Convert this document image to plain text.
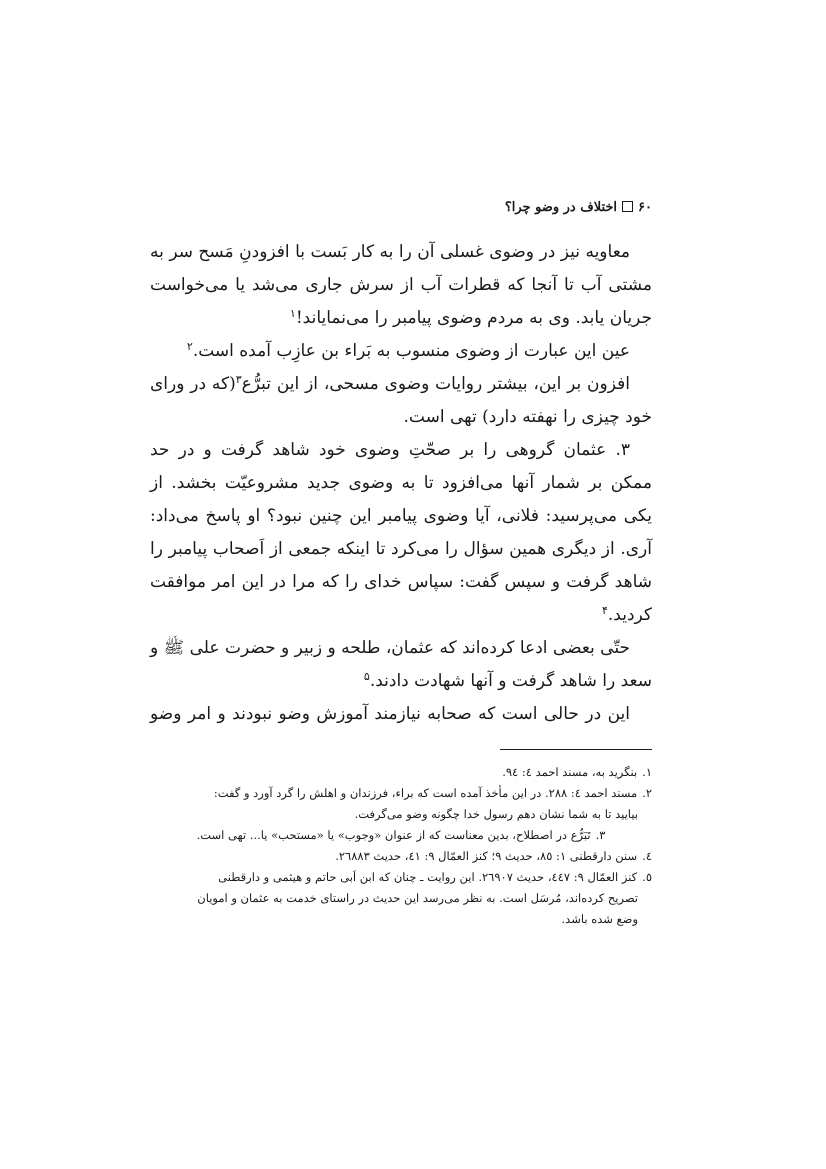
۶۰اختلاف در وضو چرا؟

معاویه نیز در وضوی غسلی آن را به کار بَست با افزودنِ مَسح سر به مشتی آب تا آنجا که قطرات آب از سرش جاری می‌شد یا می‌خواست جریان یابد. وی به مردم وضوی پیامبر را می‌نمایاند!$^۱$

عین این عبارت از وضوی منسوب به بَراء بن عازِب آمده است.$^۲$

افزون بر این، بیشتر روایات وضوی مسحی، از این تبرُّع$^۳$(که در ورای خود چیزی را نهفته دارد) تهی است.

۳. عثمان گروهی را بر صحّتِ وضوی خود شاهد گرفت و در حد ممکن بر شمار آنها می‌افزود تا به وضوی جدید مشروعیّت بخشد. از یکی می‌پرسید: فلانی، آیا وضوی پیامبر این چنین نبود؟ او پاسخ می‌داد: آری. از دیگری همین سؤال را می‌کرد تا اینکه جمعی از اَصحاب پیامبر را شاهد گرفت و سپس گفت: سپاس خدای را که مرا در این امر موافقت کردید.$^۴$

حتّی بعضی ادعا کرده‌اند که عثمان، طلحه و زبیر و حضرت علی ﷺ و سعد را شاهد گرفت و آنها شهادت دادند.$^۵$

این در حالی است که صحابه نیازمند آموزش وضو نبودند و امر وضو

۱.بنگرید به، مسند احمد ٤: ٩٤.

۲.مسند احمد ٤: ٢٨٨. در این مأخذ آمده است که براء، فرزندان و اهلش را گرد آورد و گفت:

بیایید تا به شما نشان دهم رسول خدا چگونه وضو می‌گرفت.

۳.تَبَرُّع در اصطلاح، بدین معناست که از عنوان «وجوب» یا «مستحب» یا... تهی است.

٤.سنن دارقطنی ۱: ٨٥، حدیث ٩؛ کنز العمّال ٩: ٤١، حدیث ٢٦٨٨٣.

٥.کنز العمّال ٩: ٤٤٧، حدیث ٢٦٩٠٧. این روایت ـ چنان که ابن اَبی حاتم و هیثمی و دارقطنی

تصریح کرده‌اند، مُرسَل است. به نظر می‌رسد این حدیث در راستای خدمت به عثمان و امویان

وضع شده باشد.
